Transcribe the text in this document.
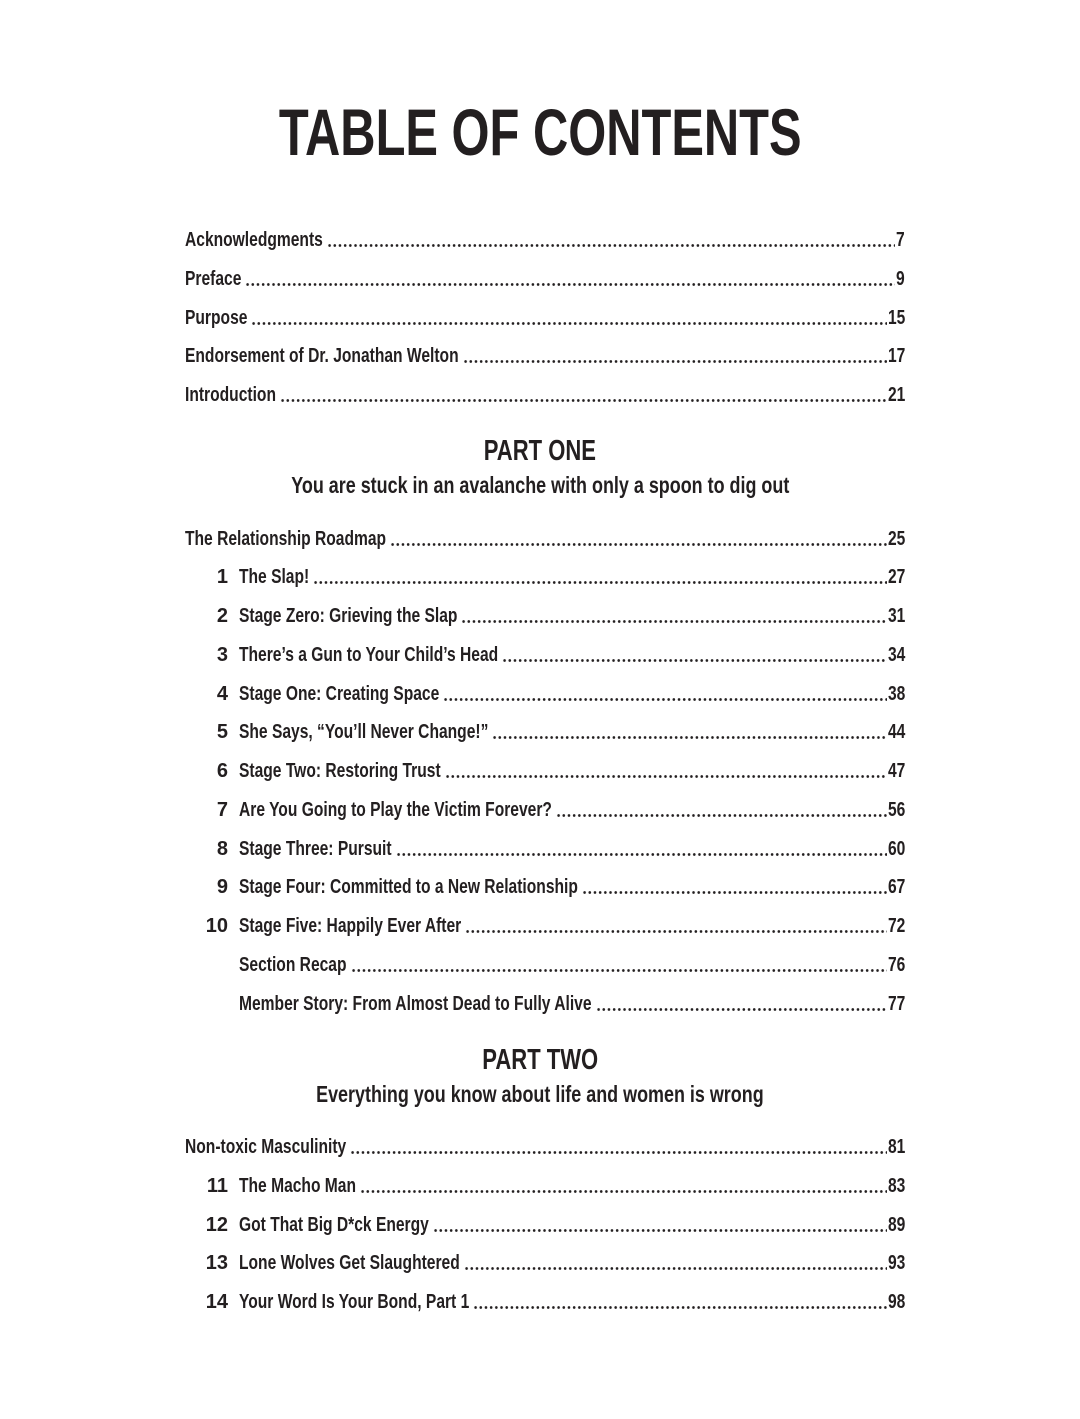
TABLE OF CONTENTS
Acknowledgments	7
Preface	9
Purpose	15
Endorsement of Dr. Jonathan Welton	17
Introduction	21
PART ONE
You are stuck in an avalanche with only a spoon to dig out
The Relationship Roadmap	25
1 The Slap!	27
2 Stage Zero: Grieving the Slap	31
3 There’s a Gun to Your Child’s Head	34
4 Stage One: Creating Space	38
5 She Says, “You’ll Never Change!”	44
6 Stage Two: Restoring Trust	47
7 Are You Going to Play the Victim Forever?	56
8 Stage Three: Pursuit	60
9 Stage Four: Committed to a New Relationship	67
10 Stage Five: Happily Ever After	72
Section Recap	76
Member Story: From Almost Dead to Fully Alive	77
PART TWO
Everything you know about life and women is wrong
Non-toxic Masculinity	81
11 The Macho Man	83
12 Got That Big D*ck Energy	89
13 Lone Wolves Get Slaughtered	93
14 Your Word Is Your Bond, Part 1	98
